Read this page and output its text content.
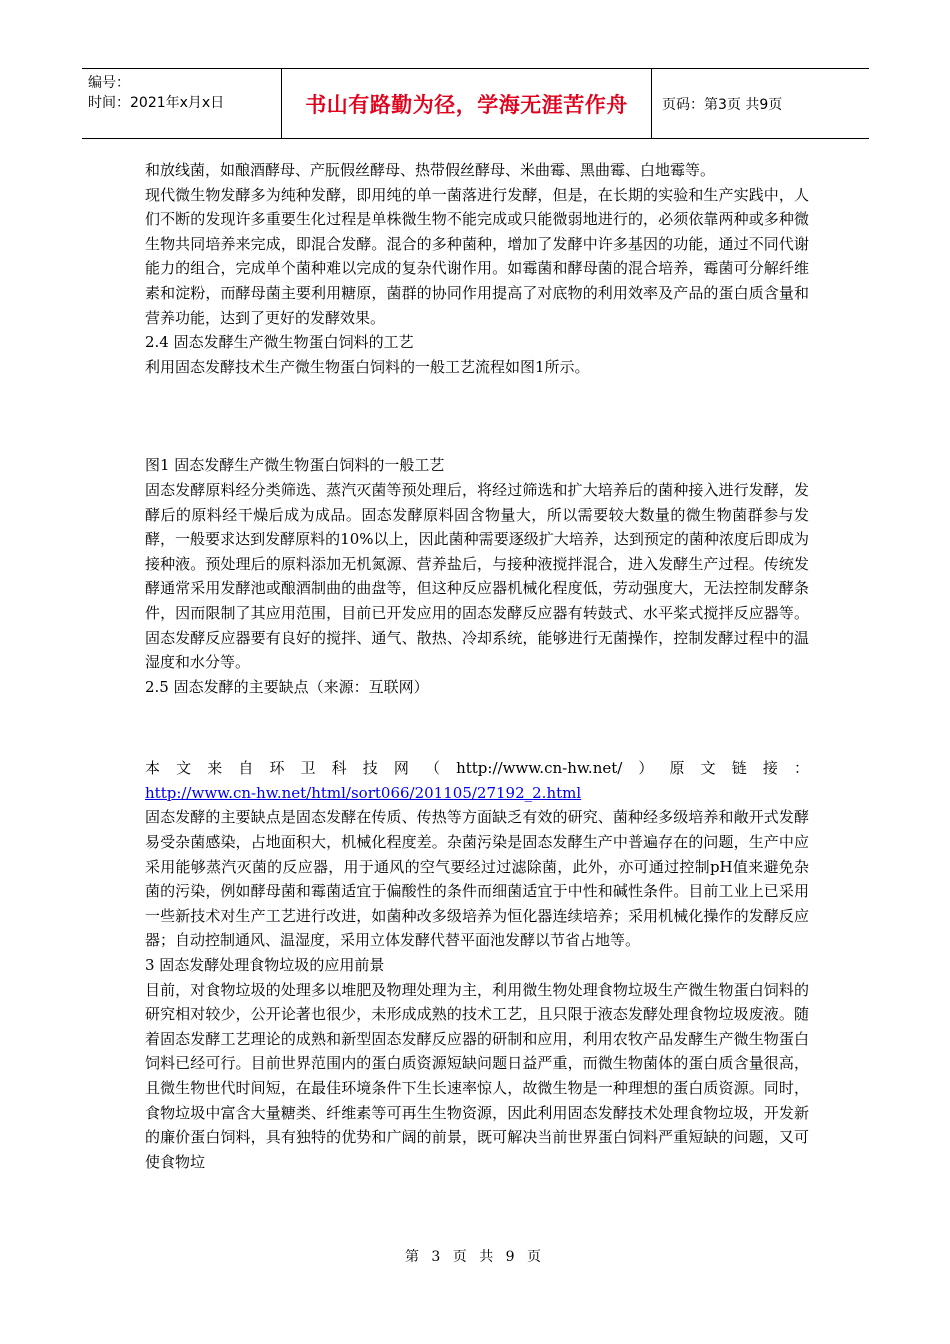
编号：
时间：2021年x月x日	书山有路勤为径，学海无涯苦作舟 页码：第3页 共9页

和放线菌，如酿酒酵母、产朊假丝酵母、热带假丝酵母、米曲霉、黑曲霉、白地霉等。

现代微生物发酵多为纯种发酵，即用纯的单一菌落进行发酵，但是，在长期的实验和生产实践中，人们不断的发现许多重要生化过程是单株微生物不能完成或只能微弱地进行的，必须依靠两种或多种微生物共同培养来完成，即混合发酵。混合的多种菌种，增加了发酵中许多基因的功能，通过不同代谢能力的组合，完成单个菌种难以完成的复杂代谢作用。如霉菌和酵母菌的混合培养，霉菌可分解纤维素和淀粉，而酵母菌主要利用糖原，菌群的协同作用提高了对底物的利用效率及产品的蛋白质含量和营养功能，达到了更好的发酵效果。

2.4 固态发酵生产微生物蛋白饲料的工艺

利用固态发酵技术生产微生物蛋白饲料的一般工艺流程如图1所示。

图1 固态发酵生产微生物蛋白饲料的一般工艺

固态发酵原料经分类筛选、蒸汽灭菌等预处理后，将经过筛选和扩大培养后的菌种接入进行发酵，发酵后的原料经干燥后成为成品。固态发酵原料固含物量大，所以需要较大数量的微生物菌群参与发酵，一般要求达到发酵原料的10%以上，因此菌种需要逐级扩大培养，达到预定的菌种浓度后即成为接种液。预处理后的原料添加无机氮源、营养盐后，与接种液搅拌混合，进入发酵生产过程。传统发酵通常采用发酵池或酿酒制曲的曲盘等，但这种反应器机械化程度低，劳动强度大，无法控制发酵条件，因而限制了其应用范围，目前已开发应用的固态发酵反应器有转鼓式、水平桨式搅拌反应器等。固态发酵反应器要有良好的搅拌、通气、散热、冷却系统，能够进行无菌操作，控制发酵过程中的温湿度和水分等。

2.5 固态发酵的主要缺点（来源：互联网）

本 文 来 自 环 卫 科 技 网 （ http://www.cn-hw.net/ ） 原 文 链 接 ：

http://www.cn-hw.net/html/sort066/201105/27192_2.html

固态发酵的主要缺点是固态发酵在传质、传热等方面缺乏有效的研究、菌种经多级培养和敞开式发酵易受杂菌感染，占地面积大，机械化程度差。杂菌污染是固态发酵生产中普遍存在的问题，生产中应采用能够蒸汽灭菌的反应器，用于通风的空气要经过过滤除菌，此外，亦可通过控制pH值来避免杂菌的污染，例如酵母菌和霉菌适宜于偏酸性的条件而细菌适宜于中性和碱性条件。目前工业上已采用一些新技术对生产工艺进行改进，如菌种改多级培养为恒化器连续培养；采用机械化操作的发酵反应器；自动控制通风、温湿度，采用立体发酵代替平面池发酵以节省占地等。

3 固态发酵处理食物垃圾的应用前景

目前，对食物垃圾的处理多以堆肥及物理处理为主，利用微生物处理食物垃圾生产微生物蛋白饲料的研究相对较少，公开论著也很少，未形成成熟的技术工艺，且只限于液态发酵处理食物垃圾废液。随着固态发酵工艺理论的成熟和新型固态发酵反应器的研制和应用，利用农牧产品发酵生产微生物蛋白饲料已经可行。目前世界范围内的蛋白质资源短缺问题日益严重，而微生物菌体的蛋白质含量很高，且微生物世代时间短，在最佳环境条件下生长速率惊人，故微生物是一种理想的蛋白质资源。同时，食物垃圾中富含大量糖类、纤维素等可再生生物资源，因此利用固态发酵技术处理食物垃圾，开发新的廉价蛋白饲料，具有独特的优势和广阔的前景，既可解决当前世界蛋白饲料严重短缺的问题，又可使食物垃

第 3 页 共 9 页
